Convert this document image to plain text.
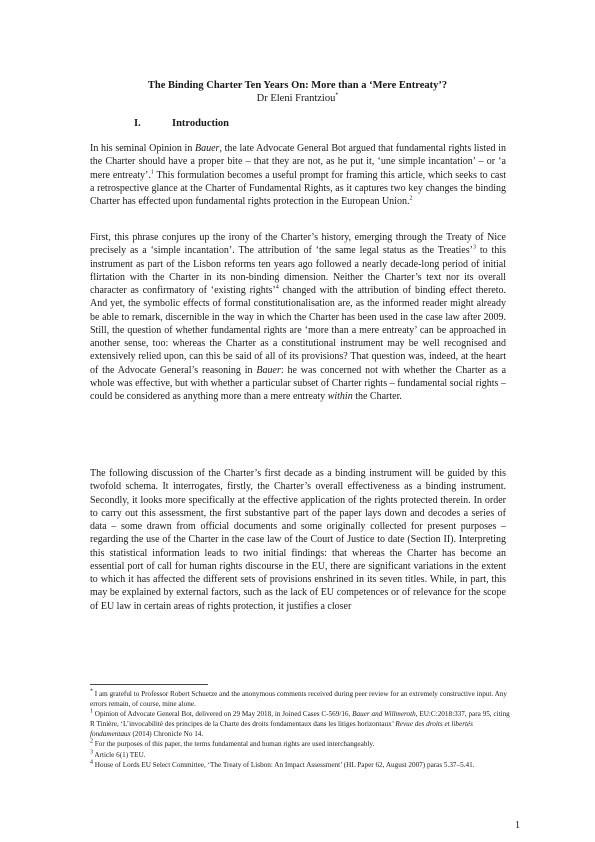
The Binding Charter Ten Years On: More than a ‘Mere Entreaty’?
Dr Eleni Frantziou*
I.	Introduction

In his seminal Opinion in Bauer, the late Advocate General Bot argued that fundamental rights listed in the Charter should have a proper bite – that they are not, as he put it, ‘une simple incantation’ – or ‘a mere entreaty’.$^1$ This formulation becomes a useful prompt for framing this article, which seeks to cast a retrospective glance at the Charter of Fundamental Rights, as it captures two key changes the binding Charter has effected upon fundamental rights protection in the European Union.$^2$

First, this phrase conjures up the irony of the Charter’s history, emerging through the Treaty of Nice precisely as a ‘simple incantation’. The attribution of ‘the same legal status as the Treaties’$^3$ to this instrument as part of the Lisbon reforms ten years ago followed a nearly decade-long period of initial flirtation with the Charter in its non-binding dimension. Neither the Charter’s text nor its overall character as confirmatory of ‘existing rights’$^4$ changed with the attribution of binding effect thereto. And yet, the symbolic effects of formal constitutionalisation are, as the informed reader might already be able to remark, discernible in the way in which the Charter has been used in the case law after 2009. Still, the question of whether fundamental rights are ‘more than a mere entreaty’ can be approached in another sense, too: whereas the Charter as a constitutional instrument may be well recognised and extensively relied upon, can this be said of all of its provisions? That question was, indeed, at the heart of the Advocate General’s reasoning in Bauer: he was concerned not with whether the Charter as a whole was effective, but with whether a particular subset of Charter rights – fundamental social rights – could be considered as anything more than a mere entreaty within the Charter.

The following discussion of the Charter’s first decade as a binding instrument will be guided by this twofold schema. It interrogates, firstly, the Charter’s overall effectiveness as a binding instrument. Secondly, it looks more specifically at the effective application of the rights protected therein. In order to carry out this assessment, the first substantive part of the paper lays down and decodes a series of data – some drawn from official documents and some originally collected for present purposes – regarding the use of the Charter in the case law of the Court of Justice to date (Section II). Interpreting this statistical information leads to two initial findings: that whereas the Charter has become an essential port of call for human rights discourse in the EU, there are significant variations in the extent to which it has affected the different sets of provisions enshrined in its seven titles. While, in part, this may be explained by external factors, such as the lack of EU competences or of relevance for the scope of EU law in certain areas of rights protection, it justifies a closer

* I am grateful to Professor Robert Schuetze and the anonymous comments received during peer review for an extremely constructive input. Any errors remain, of course, mine alone.
$^1$ Opinion of Advocate General Bot, delivered on 29 May 2018, in Joined Cases C-569/16, Bauer and Willmeroth, EU:C:2018:337, para 95, citing R Tinière, ‘L’invocabilité des principes de la Charte des droits fondamentaux dans les litiges horizontaux’ Revue des droits et libertés fondamentaux (2014) Chronicle No 14.
$^2$ For the purposes of this paper, the terms fundamental and human rights are used interchangeably.
$^3$ Article 6(1) TEU.
$^4$ House of Lords EU Select Committee, ‘The Treaty of Lisbon: An Impact Assessment’ (HL Paper 62, August 2007) paras 5.37–5.41.
1
